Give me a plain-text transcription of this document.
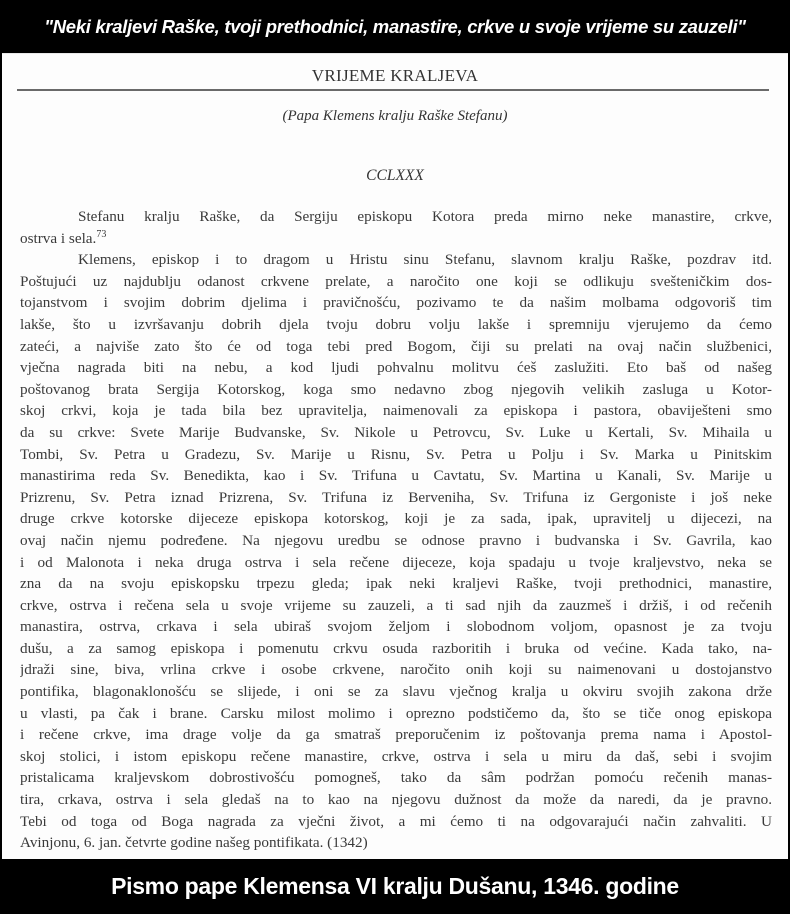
"Neki kraljevi Raške, tvoji prethodnici, manastire, crkve u svoje vrijeme su zauzeli"
VRIJEME KRALJEVA
(Papa Klemens kralju Raške Stefanu)
CCLXXX
Stefanu kralju Raške, da Sergiju episkopu Kotora preda mirno neke manastire, crkve,
ostrva i sela.$^{73}$
Klemens, episkop i to dragom u Hristu sinu Stefanu, slavnom kralju Raške, pozdrav itd.
Poštujući uz najdublju odanost crkvene prelate, a naročito one koji se odlikuju svešteničkim dos-
tojanstvom i svojim dobrim djelima i pravičnošću, pozivamo te da našim molbama odgovoriš tim
lakše, što u izvršavanju dobrih djela tvoju dobru volju lakše i spremniju vjerujemo da ćemo
zateći, a najviše zato što će od toga tebi pred Bogom, čiji su prelati na ovaj način službenici,
vječna nagrada biti na nebu, a kod ljudi pohvalnu molitvu ćeš zaslužiti. Eto baš od našeg
poštovanog brata Sergija Kotorskog, koga smo nedavno zbog njegovih velikih zasluga u Kotor-
skoj crkvi, koja je tada bila bez upravitelja, naimenovali za episkopa i pastora, obaviješteni smo
da su crkve: Svete Marije Budvanske, Sv. Nikole u Petrovcu, Sv. Luke u Kertali, Sv. Mihaila u
Tombi, Sv. Petra u Gradezu, Sv. Marije u Risnu, Sv. Petra u Polju i Sv. Marka u Pinitskim
manastirima reda Sv. Benedikta, kao i Sv. Trifuna u Cavtatu, Sv. Martina u Kanali, Sv. Marije u
Prizrenu, Sv. Petra iznad Prizrena, Sv. Trifuna iz Berveniha, Sv. Trifuna iz Gergoniste i još neke
druge crkve kotorske dijeceze episkopa kotorskog, koji je za sada, ipak, upravitelj u dijecezi, na
ovaj način njemu podređene. Na njegovu uredbu se odnose pravno i budvanska i Sv. Gavrila, kao
i od Malonota i neka druga ostrva i sela rečene dijeceze, koja spadaju u tvoje kraljevstvo, neka se
zna da na svoju episkopsku trpezu gleda; ipak neki kraljevi Raške, tvoji prethodnici, manastire,
crkve, ostrva i rečena sela u svoje vrijeme su zauzeli, a ti sad njih da zauzmeš i držiš, i od rečenih
manastira, ostrva, crkava i sela ubiraš svojom željom i slobodnom voljom, opasnost je za tvoju
dušu, a za samog episkopa i pomenutu crkvu osuda razboritih i bruka od većine. Kada tako, na-
jdraži sine, biva, vrlina crkve i osobe crkvene, naročito onih koji su naimenovani u dostojanstvo
pontifika, blagonaklonošću se slijede, i oni se za slavu vječnog kralja u okviru svojih zakona drže
u vlasti, pa čak i brane. Carsku milost molimo i oprezno podstičemo da, što se tiče onog episkopa
i rečene crkve, ima drage volje da ga smatraš preporučenim iz poštovanja prema nama i Apostol-
skoj stolici, i istom episkopu rečene manastire, crkve, ostrva i sela u miru da daš, sebi i svojim
pristalicama kraljevskom dobrostivošću pomogneš, tako da sâm podržan pomoću rečenih manas-
tira, crkava, ostrva i sela gledaš na to kao na njegovu dužnost da može da naredi, da je pravno.
Tebi od toga od Boga nagrada za vječni život, a mi ćemo ti na odgovarajući način zahvaliti. U
Avinjonu, 6. jan. četvrte godine našeg pontifikata. (1342)
Pismo pape Klemensa VI kralju Dušanu, 1346. godine
